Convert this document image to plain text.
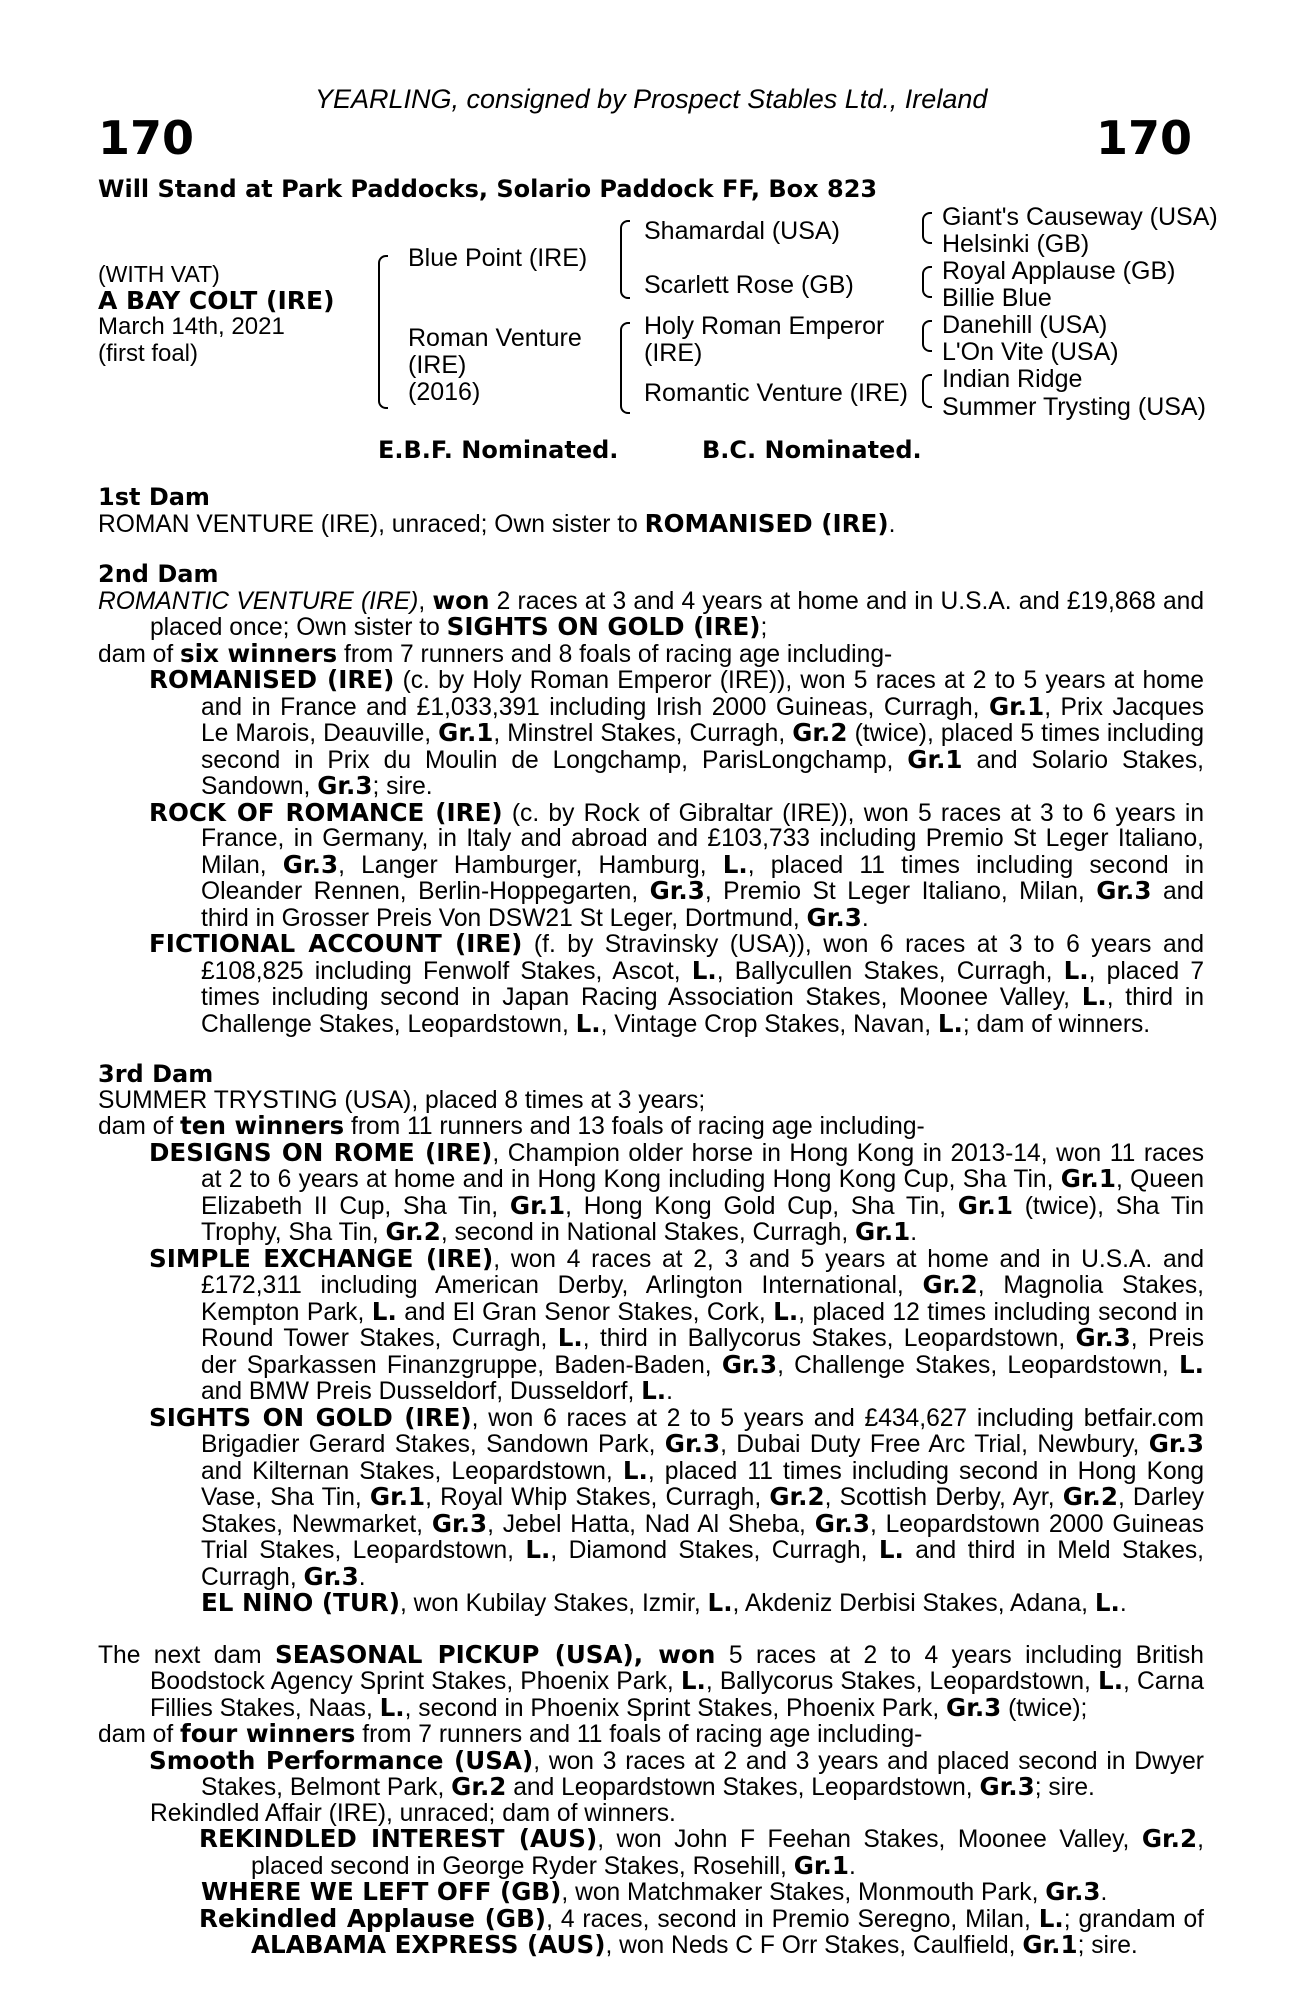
YEARLING, consigned by Prospect Stables Ltd., Ireland
170	170
Will Stand at Park Paddocks, Solario Paddock FF, Box 823
(WITH VAT)
A BAY COLT (IRE)
March 14th, 2021
(first foal)
Blue Point (IRE)
Roman Venture
(IRE)
(2016)
Shamardal (USA)
Scarlett Rose (GB)
Holy Roman Emperor
(IRE)
Romantic Venture (IRE)
Giant's Causeway (USA)
Helsinki (GB)
Royal Applause (GB)
Billie Blue
Danehill (USA)
L'On Vite (USA)
Indian Ridge
Summer Trysting (USA)
E.B.F. Nominated.	B.C. Nominated.

1st Dam

ROMAN VENTURE (IRE), unraced; Own sister to ROMANISED (IRE).

2nd Dam

ROMANTIC VENTURE (IRE), won 2 races at 3 and 4 years at home and in U.S.A. and £19,868 and placed once; Own sister to SIGHTS ON GOLD (IRE);

dam of six winners from 7 runners and 8 foals of racing age including-

ROMANISED (IRE) (c. by Holy Roman Emperor (IRE)), won 5 races at 2 to 5 years at home and in France and £1,033,391 including Irish 2000 Guineas, Curragh, Gr.1, Prix Jacques Le Marois, Deauville, Gr.1, Minstrel Stakes, Curragh, Gr.2 (twice), placed 5 times including second in Prix du Moulin de Longchamp, ParisLongchamp, Gr.1 and Solario Stakes, Sandown, Gr.3; sire.

ROCK OF ROMANCE (IRE) (c. by Rock of Gibraltar (IRE)), won 5 races at 3 to 6 years in France, in Germany, in Italy and abroad and £103,733 including Premio St Leger Italiano, Milan, Gr.3, Langer Hamburger, Hamburg, L., placed 11 times including second in Oleander Rennen, Berlin-Hoppegarten, Gr.3, Premio St Leger Italiano, Milan, Gr.3 and third in Grosser Preis Von DSW21 St Leger, Dortmund, Gr.3.

FICTIONAL ACCOUNT (IRE) (f. by Stravinsky (USA)), won 6 races at 3 to 6 years and £108,825 including Fenwolf Stakes, Ascot, L., Ballycullen Stakes, Curragh, L., placed 7 times including second in Japan Racing Association Stakes, Moonee Valley, L., third in Challenge Stakes, Leopardstown, L., Vintage Crop Stakes, Navan, L.; dam of winners.

3rd Dam

SUMMER TRYSTING (USA), placed 8 times at 3 years;

dam of ten winners from 11 runners and 13 foals of racing age including-

DESIGNS ON ROME (IRE), Champion older horse in Hong Kong in 2013-14, won 11 races at 2 to 6 years at home and in Hong Kong including Hong Kong Cup, Sha Tin, Gr.1, Queen Elizabeth II Cup, Sha Tin, Gr.1, Hong Kong Gold Cup, Sha Tin, Gr.1 (twice), Sha Tin Trophy, Sha Tin, Gr.2, second in National Stakes, Curragh, Gr.1.

SIMPLE EXCHANGE (IRE), won 4 races at 2, 3 and 5 years at home and in U.S.A. and £172,311 including American Derby, Arlington International, Gr.2, Magnolia Stakes, Kempton Park, L. and El Gran Senor Stakes, Cork, L., placed 12 times including second in Round Tower Stakes, Curragh, L., third in Ballycorus Stakes, Leopardstown, Gr.3, Preis der Sparkassen Finanzgruppe, Baden-Baden, Gr.3, Challenge Stakes, Leopardstown, L. and BMW Preis Dusseldorf, Dusseldorf, L..

SIGHTS ON GOLD (IRE), won 6 races at 2 to 5 years and £434,627 including betfair.com Brigadier Gerard Stakes, Sandown Park, Gr.3, Dubai Duty Free Arc Trial, Newbury, Gr.3 and Kilternan Stakes, Leopardstown, L., placed 11 times including second in Hong Kong Vase, Sha Tin, Gr.1, Royal Whip Stakes, Curragh, Gr.2, Scottish Derby, Ayr, Gr.2, Darley Stakes, Newmarket, Gr.3, Jebel Hatta, Nad Al Sheba, Gr.3, Leopardstown 2000 Guineas Trial Stakes, Leopardstown, L., Diamond Stakes, Curragh, L. and third in Meld Stakes, Curragh, Gr.3.

EL NINO (TUR), won Kubilay Stakes, Izmir, L., Akdeniz Derbisi Stakes, Adana, L..

The next dam SEASONAL PICKUP (USA), won 5 races at 2 to 4 years including British Boodstock Agency Sprint Stakes, Phoenix Park, L., Ballycorus Stakes, Leopardstown, L., Carna Fillies Stakes, Naas, L., second in Phoenix Sprint Stakes, Phoenix Park, Gr.3 (twice);

dam of four winners from 7 runners and 11 foals of racing age including-

Smooth Performance (USA), won 3 races at 2 and 3 years and placed second in Dwyer Stakes, Belmont Park, Gr.2 and Leopardstown Stakes, Leopardstown, Gr.3; sire.

Rekindled Affair (IRE), unraced; dam of winners.

REKINDLED INTEREST (AUS), won John F Feehan Stakes, Moonee Valley, Gr.2, placed second in George Ryder Stakes, Rosehill, Gr.1.

WHERE WE LEFT OFF (GB), won Matchmaker Stakes, Monmouth Park, Gr.3.

Rekindled Applause (GB), 4 races, second in Premio Seregno, Milan, L.; grandam of ALABAMA EXPRESS (AUS), won Neds C F Orr Stakes, Caulfield, Gr.1; sire.
